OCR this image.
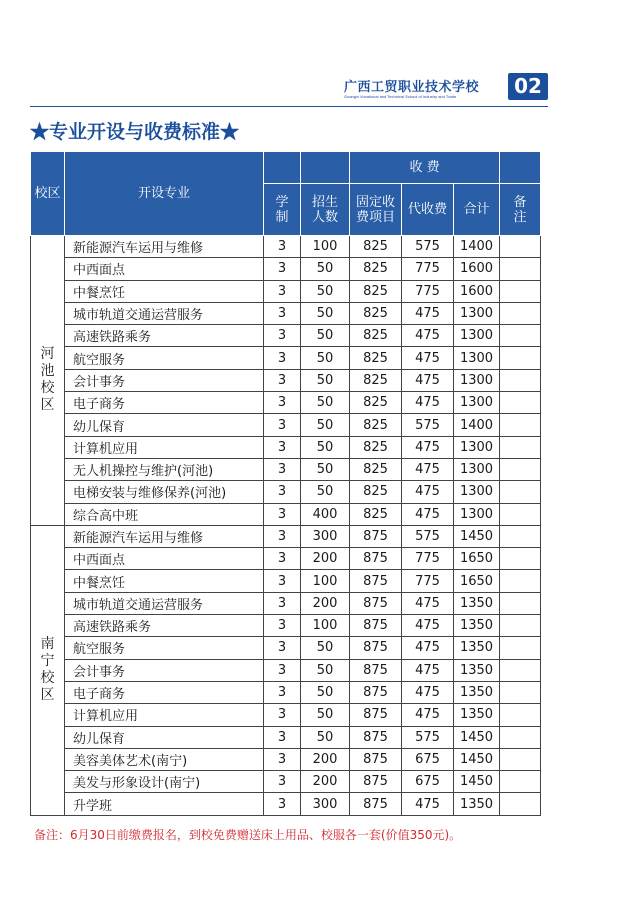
广西工贸职业技术学校
Guangxi Vocational and Technical School of Industry and Trade	02
★专业开设与收费标准★
校区	开设专业			收 费			
		学制	招生人数	固定收费项目	代收费	合计	备注
河池校区	新能源汽车运用与维修	3	100	825	575	1400	
	中西面点	3	50	825	775	1600	
	中餐烹饪	3	50	825	775	1600	
	城市轨道交通运营服务	3	50	825	475	1300	
	高速铁路乘务	3	50	825	475	1300	
	航空服务	3	50	825	475	1300	
	会计事务	3	50	825	475	1300	
	电子商务	3	50	825	475	1300	
	幼儿保育	3	50	825	575	1400	
	计算机应用	3	50	825	475	1300	
	无人机操控与维护(河池)	3	50	825	475	1300	
	电梯安装与维修保养(河池)	3	50	825	475	1300	
	综合高中班	3	400	825	475	1300	
南宁校区	新能源汽车运用与维修	3	300	875	575	1450	
	中西面点	3	200	875	775	1650	
	中餐烹饪	3	100	875	775	1650	
	城市轨道交通运营服务	3	200	875	475	1350	
	高速铁路乘务	3	100	875	475	1350	
	航空服务	3	50	875	475	1350	
	会计事务	3	50	875	475	1350	
	电子商务	3	50	875	475	1350	
	计算机应用	3	50	875	475	1350	
	幼儿保育	3	50	875	575	1450	
	美容美体艺术(南宁)	3	200	875	675	1450	
	美发与形象设计(南宁)	3	200	875	675	1450	
	升学班	3	300	875	475	1350	
备注：6月30日前缴费报名，到校免费赠送床上用品、校服各一套(价值350元)。
